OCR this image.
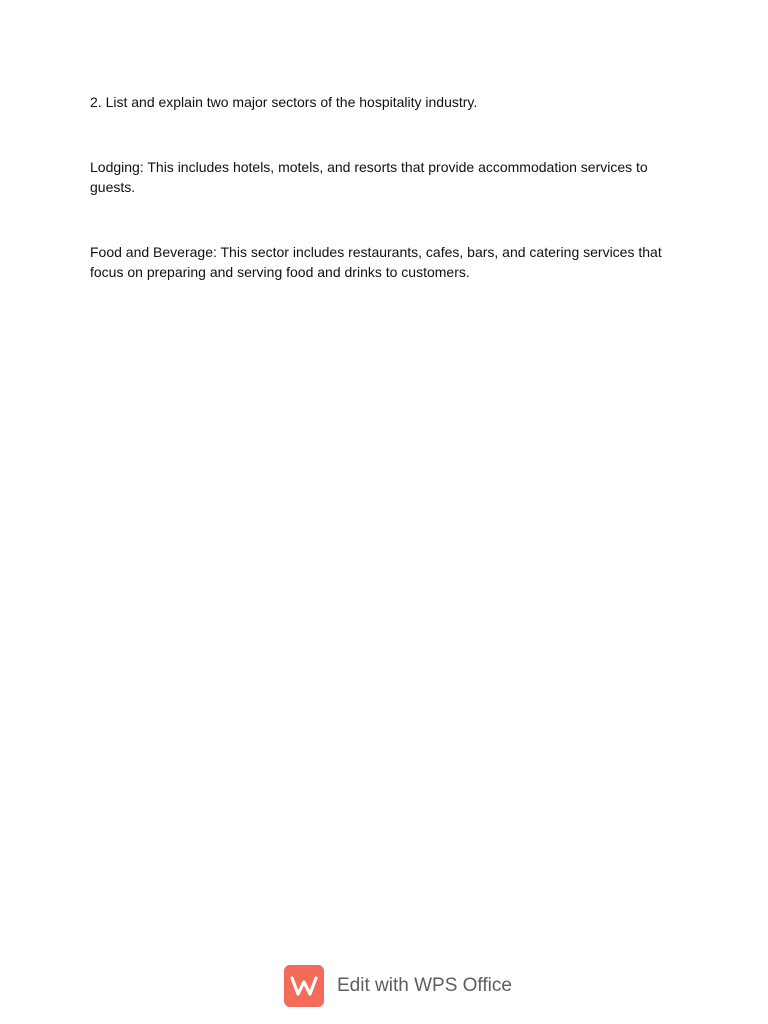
2. List and explain two major sectors of the hospitality industry.

Lodging: This includes hotels, motels, and resorts that provide accommodation services to guests.

Food and Beverage: This sector includes restaurants, cafes, bars, and catering services that focus on preparing and serving food and drinks to customers.

Edit with WPS Office
